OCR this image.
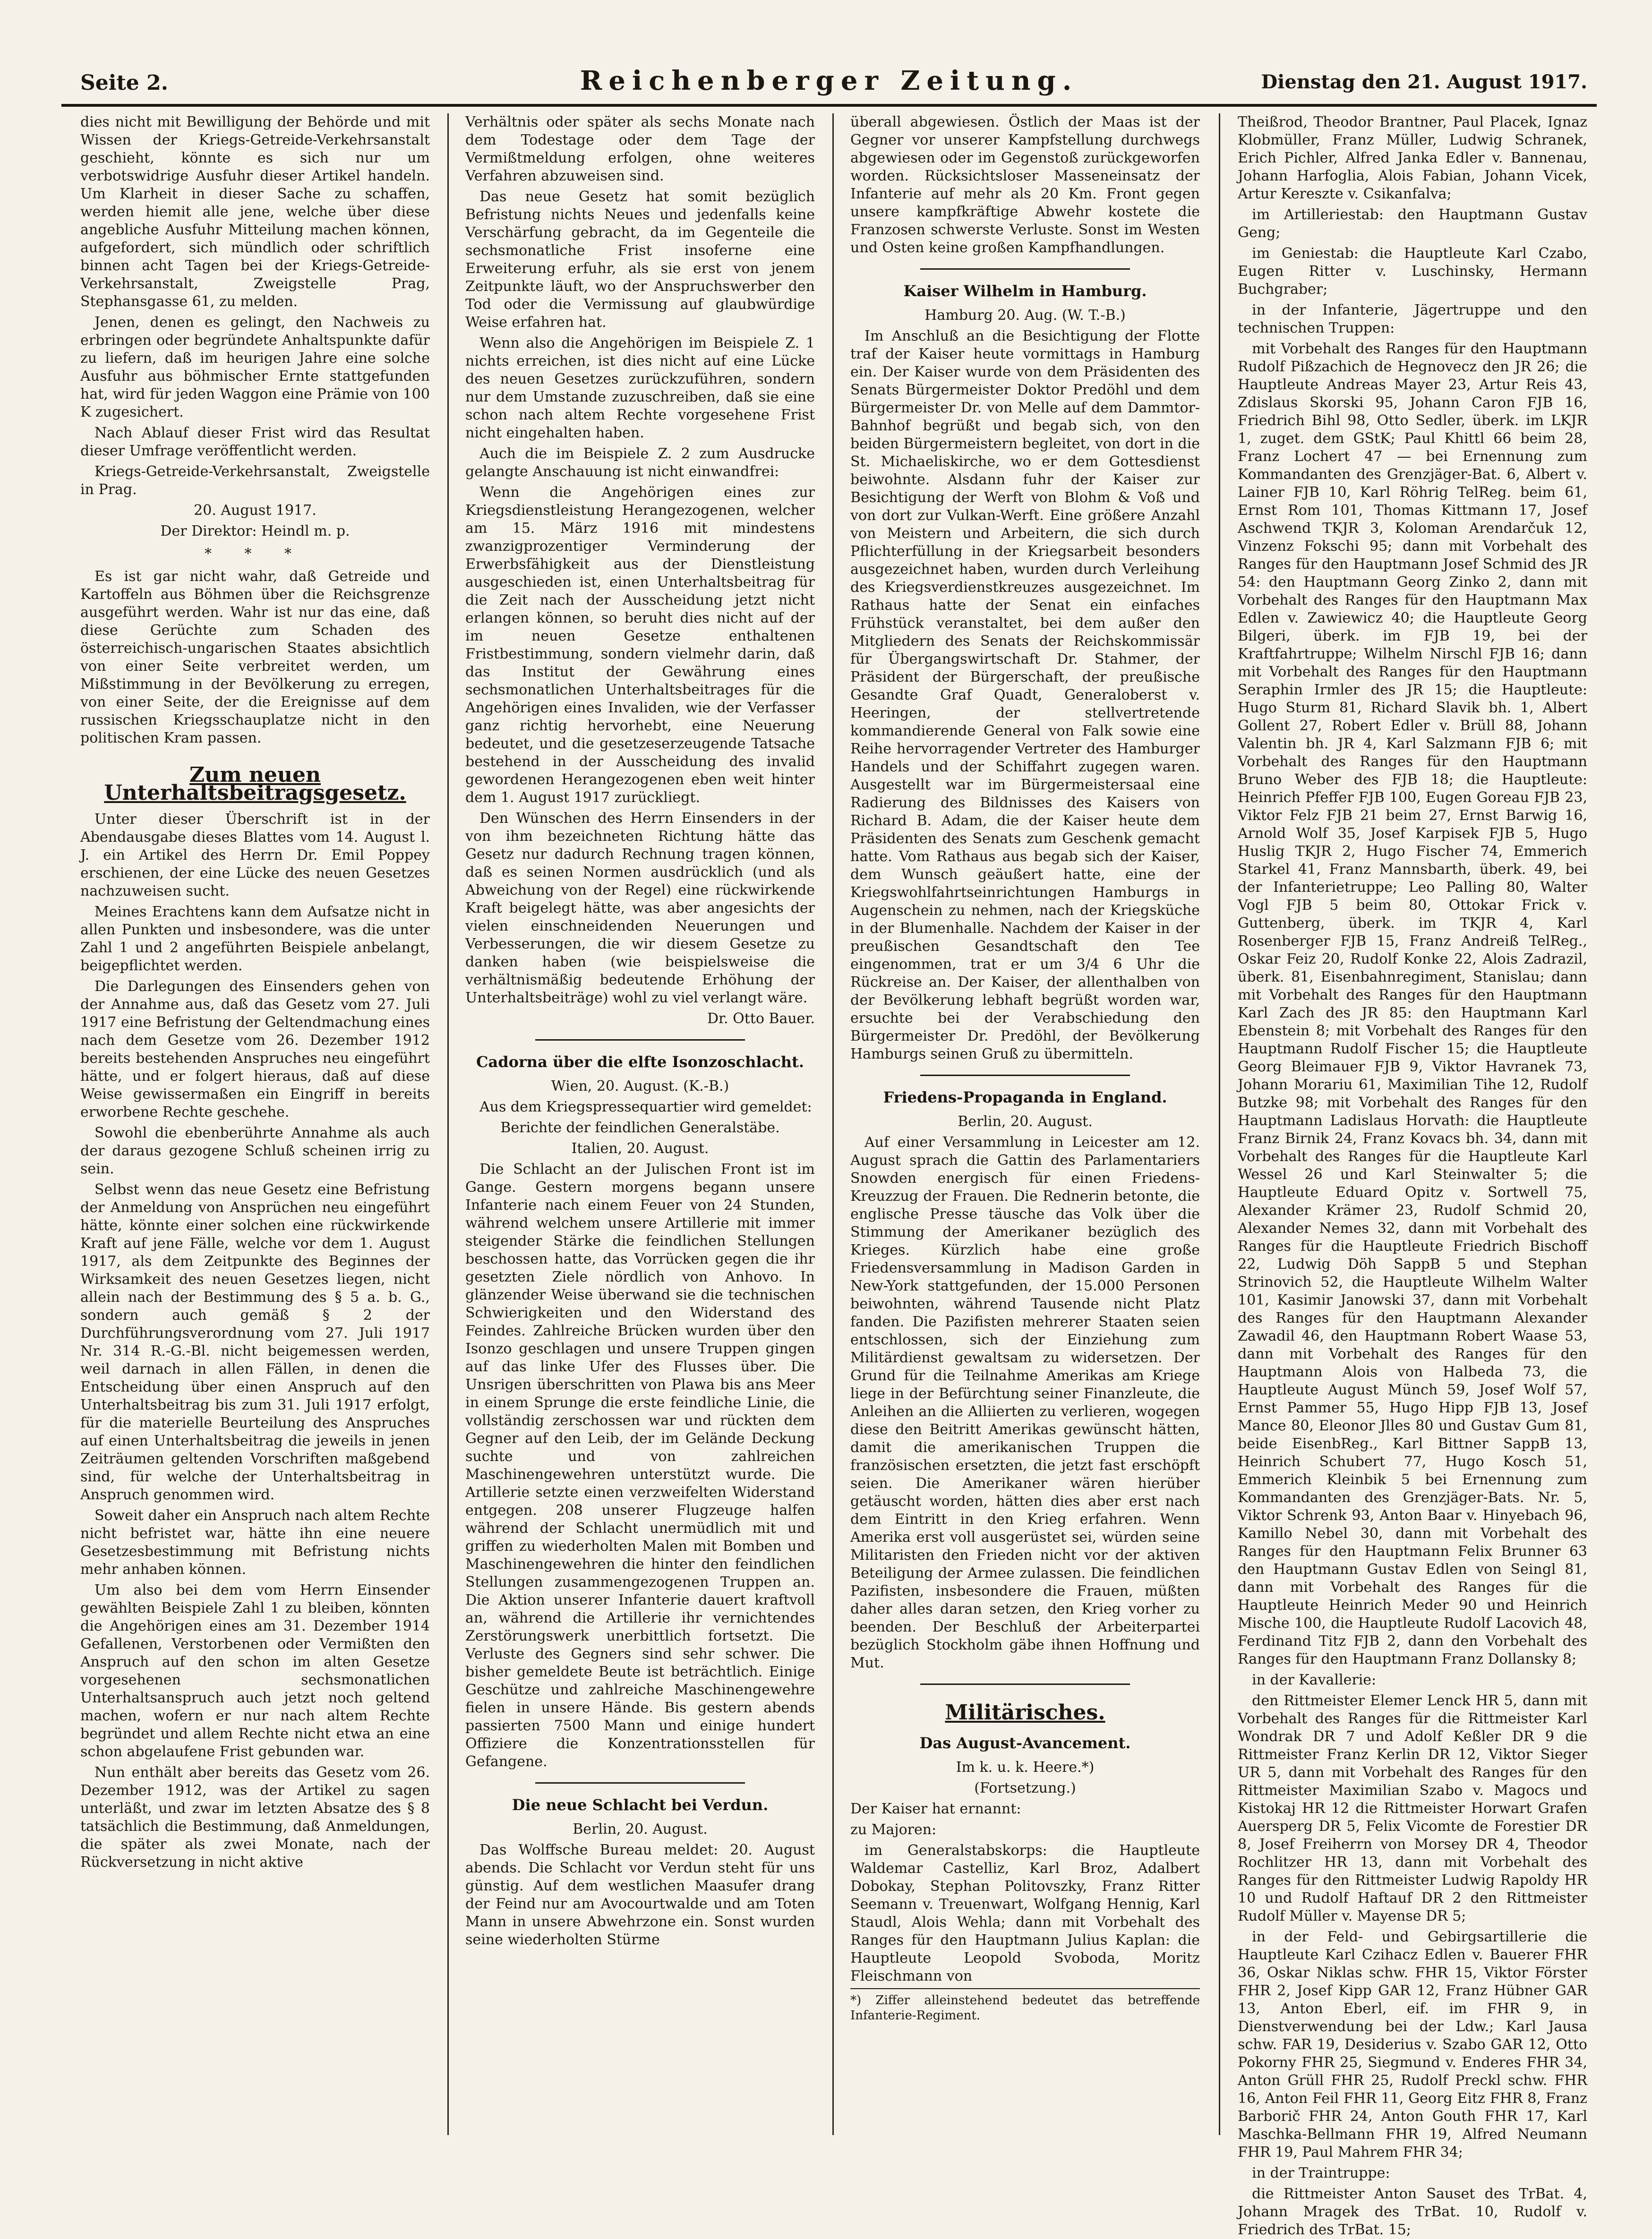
Seite 2.	Reichenberger Zeitung.	Dienstag den 21. August 1917.

dies nicht mit Bewilligung der Behörde und mit Wissen der Kriegs-Getreide-Verkehrsanstalt geschieht, könnte es sich nur um verbotswidrige Ausfuhr dieser Artikel handeln. Um Klarheit in dieser Sache zu schaffen, werden hiemit alle jene, welche über diese angebliche Ausfuhr Mitteilung machen können, aufgefordert, sich mündlich oder schriftlich binnen acht Tagen bei der Kriegs-Getreide-Verkehrsanstalt, Zweigstelle Prag, Stephansgasse 61, zu melden.

Jenen, denen es gelingt, den Nachweis zu erbringen oder begründete Anhaltspunkte dafür zu liefern, daß im heurigen Jahre eine solche Ausfuhr aus böhmischer Ernte stattgefunden hat, wird für jeden Waggon eine Prämie von 100 K zugesichert.

Nach Ablauf dieser Frist wird das Resultat dieser Umfrage veröffentlicht werden.

Kriegs-Getreide-Verkehrsanstalt, Zweigstelle in Prag.

20. August 1917.

Der Direktor: Heindl m. p.

* * *

Es ist gar nicht wahr, daß Getreide und Kartoffeln aus Böhmen über die Reichsgrenze ausgeführt werden. Wahr ist nur das eine, daß diese Gerüchte zum Schaden des österreichisch-ungarischen Staates absichtlich von einer Seite verbreitet werden, um Mißstimmung in der Bevölkerung zu erregen, von einer Seite, der die Ereignisse auf dem russischen Kriegsschauplatze nicht in den politischen Kram passen.

Zum neuen Unterhaltsbeitragsgesetz.

Unter dieser Überschrift ist in der Abendausgabe dieses Blattes vom 14. August l. J. ein Artikel des Herrn Dr. Emil Poppey erschienen, der eine Lücke des neuen Gesetzes nachzuweisen sucht.

Meines Erachtens kann dem Aufsatze nicht in allen Punkten und insbesondere, was die unter Zahl 1 und 2 angeführten Beispiele anbelangt, beigepflichtet werden.

Die Darlegungen des Einsenders gehen von der Annahme aus, daß das Gesetz vom 27. Juli 1917 eine Befristung der Geltendmachung eines nach dem Gesetze vom 26. Dezember 1912 bereits bestehenden Anspruches neu eingeführt hätte, und er folgert hieraus, daß auf diese Weise gewissermaßen ein Eingriff in bereits erworbene Rechte geschehe.

Sowohl die ebenberührte Annahme als auch der daraus gezogene Schluß scheinen irrig zu sein.

Selbst wenn das neue Gesetz eine Befristung der Anmeldung von Ansprüchen neu eingeführt hätte, könnte einer solchen eine rückwirkende Kraft auf jene Fälle, welche vor dem 1. August 1917, als dem Zeitpunkte des Beginnes der Wirksamkeit des neuen Gesetzes liegen, nicht allein nach der Bestimmung des § 5 a. b. G., sondern auch gemäß § 2 der Durchführungsverordnung vom 27. Juli 1917 Nr. 314 R.-G.-Bl. nicht beigemessen werden, weil darnach in allen Fällen, in denen die Entscheidung über einen Anspruch auf den Unterhaltsbeitrag bis zum 31. Juli 1917 erfolgt, für die materielle Beurteilung des Anspruches auf einen Unterhaltsbeitrag die jeweils in jenen Zeiträumen geltenden Vorschriften maßgebend sind, für welche der Unterhaltsbeitrag in Anspruch genommen wird.

Soweit daher ein Anspruch nach altem Rechte nicht befristet war, hätte ihn eine neuere Gesetzesbestimmung mit Befristung nichts mehr anhaben können.

Um also bei dem vom Herrn Einsender gewählten Beispiele Zahl 1 zu bleiben, könnten die Angehörigen eines am 31. Dezember 1914 Gefallenen, Verstorbenen oder Vermißten den Anspruch auf den schon im alten Gesetze vorgesehenen sechsmonatlichen Unterhaltsanspruch auch jetzt noch geltend machen, wofern er nur nach altem Rechte begründet und allem Rechte nicht etwa an eine schon abgelaufene Frist gebunden war.

Nun enthält aber bereits das Gesetz vom 26. Dezember 1912, was der Artikel zu sagen unterläßt, und zwar im letzten Absatze des § 8 tatsächlich die Bestimmung, daß Anmeldungen, die später als zwei Monate, nach der Rückversetzung in nicht aktive

Verhältnis oder später als sechs Monate nach dem Todestage oder dem Tage der Vermißtmeldung erfolgen, ohne weiteres Verfahren abzuweisen sind.

Das neue Gesetz hat somit bezüglich Befristung nichts Neues und jedenfalls keine Verschärfung gebracht, da im Gegenteile die sechsmonatliche Frist insoferne eine Erweiterung erfuhr, als sie erst von jenem Zeitpunkte läuft, wo der Anspruchswerber den Tod oder die Vermissung auf glaubwürdige Weise erfahren hat.

Wenn also die Angehörigen im Beispiele Z. 1 nichts erreichen, ist dies nicht auf eine Lücke des neuen Gesetzes zurückzuführen, sondern nur dem Umstande zuzuschreiben, daß sie eine schon nach altem Rechte vorgesehene Frist nicht eingehalten haben.

Auch die im Beispiele Z. 2 zum Ausdrucke gelangte Anschauung ist nicht einwandfrei:

Wenn die Angehörigen eines zur Kriegsdienstleistung Herangezogenen, welcher am 15. März 1916 mit mindestens zwanzigprozentiger Verminderung der Erwerbsfähigkeit aus der Dienstleistung ausgeschieden ist, einen Unterhaltsbeitrag für die Zeit nach der Ausscheidung jetzt nicht erlangen können, so beruht dies nicht auf der im neuen Gesetze enthaltenen Fristbestimmung, sondern vielmehr darin, daß das Institut der Gewährung eines sechsmonatlichen Unterhaltsbeitrages für die Angehörigen eines Invaliden, wie der Verfasser ganz richtig hervorhebt, eine Neuerung bedeutet, und die gesetzeserzeugende Tatsache bestehend in der Ausscheidung des invalid gewordenen Herangezogenen eben weit hinter dem 1. August 1917 zurückliegt.

Den Wünschen des Herrn Einsenders in der von ihm bezeichneten Richtung hätte das Gesetz nur dadurch Rechnung tragen können, daß es seinen Normen ausdrücklich (und als Abweichung von der Regel) eine rückwirkende Kraft beigelegt hätte, was aber angesichts der vielen einschneidenden Neuerungen und Verbesserungen, die wir diesem Gesetze zu danken haben (wie beispielsweise die verhältnismäßig bedeutende Erhöhung der Unterhaltsbeiträge) wohl zu viel verlangt wäre.

Dr. Otto Bauer.

Cadorna über die elfte Isonzoschlacht.

Wien, 20. August. (K.-B.)

Aus dem Kriegspressequartier wird gemeldet:

Berichte der feindlichen Generalstäbe.

Italien, 20. August.

Die Schlacht an der Julischen Front ist im Gange. Gestern morgens begann unsere Infanterie nach einem Feuer von 24 Stunden, während welchem unsere Artillerie mit immer steigender Stärke die feindlichen Stellungen beschossen hatte, das Vorrücken gegen die ihr gesetzten Ziele nördlich von Anhovo. In glänzender Weise überwand sie die technischen Schwierigkeiten und den Widerstand des Feindes. Zahlreiche Brücken wurden über den Isonzo geschlagen und unsere Truppen gingen auf das linke Ufer des Flusses über. Die Unsrigen überschritten von Plawa bis ans Meer in einem Sprunge die erste feindliche Linie, die vollständig zerschossen war und rückten dem Gegner auf den Leib, der im Gelände Deckung suchte und von zahlreichen Maschinengewehren unterstützt wurde. Die Artillerie setzte einen verzweifelten Widerstand entgegen. 208 unserer Flugzeuge halfen während der Schlacht unermüdlich mit und griffen zu wiederholten Malen mit Bomben und Maschinengewehren die hinter den feindlichen Stellungen zusammengezogenen Truppen an. Die Aktion unserer Infanterie dauert kraftvoll an, während die Artillerie ihr vernichtendes Zerstörungswerk unerbittlich fortsetzt. Die Verluste des Gegners sind sehr schwer. Die bisher gemeldete Beute ist beträchtlich. Einige Geschütze und zahlreiche Maschinengewehre fielen in unsere Hände. Bis gestern abends passierten 7500 Mann und einige hundert Offiziere die Konzentrationsstellen für Gefangene.

Die neue Schlacht bei Verdun.

Berlin, 20. August.

Das Wolffsche Bureau meldet: 20. August abends. Die Schlacht vor Verdun steht für uns günstig. Auf dem westlichen Maasufer drang der Feind nur am Avocourtwalde und am Toten Mann in unsere Abwehrzone ein. Sonst wurden seine wiederholten Stürme

überall abgewiesen. Östlich der Maas ist der Gegner vor unserer Kampfstellung durchwegs abgewiesen oder im Gegenstoß zurückgeworfen worden. Rücksichtsloser Masseneinsatz der Infanterie auf mehr als 20 Km. Front gegen unsere kampfkräftige Abwehr kostete die Franzosen schwerste Verluste. Sonst im Westen und Osten keine großen Kampfhandlungen.

Kaiser Wilhelm in Hamburg.

Hamburg 20. Aug. (W. T.-B.)

Im Anschluß an die Besichtigung der Flotte traf der Kaiser heute vormittags in Hamburg ein. Der Kaiser wurde von dem Präsidenten des Senats Bürgermeister Doktor Predöhl und dem Bürgermeister Dr. von Melle auf dem Dammtor-Bahnhof begrüßt und begab sich, von den beiden Bürgermeistern begleitet, von dort in die St. Michaeliskirche, wo er dem Gottesdienst beiwohnte. Alsdann fuhr der Kaiser zur Besichtigung der Werft von Blohm & Voß und von dort zur Vulkan-Werft. Eine größere Anzahl von Meistern und Arbeitern, die sich durch Pflichterfüllung in der Kriegsarbeit besonders ausgezeichnet haben, wurden durch Verleihung des Kriegsverdienstkreuzes ausgezeichnet. Im Rathaus hatte der Senat ein einfaches Frühstück veranstaltet, bei dem außer den Mitgliedern des Senats der Reichskommissär für Übergangswirtschaft Dr. Stahmer, der Präsident der Bürgerschaft, der preußische Gesandte Graf Quadt, Generaloberst v. Heeringen, der stellvertretende kommandierende General von Falk sowie eine Reihe hervorragender Vertreter des Hamburger Handels und der Schiffahrt zugegen waren. Ausgestellt war im Bürgermeistersaal eine Radierung des Bildnisses des Kaisers von Richard B. Adam, die der Kaiser heute dem Präsidenten des Senats zum Geschenk gemacht hatte. Vom Rathaus aus begab sich der Kaiser, dem Wunsch geäußert hatte, eine der Kriegswohlfahrtseinrichtungen Hamburgs in Augenschein zu nehmen, nach der Kriegsküche in der Blumenhalle. Nachdem der Kaiser in der preußischen Gesandtschaft den Tee eingenommen, trat er um 3/4 6 Uhr die Rückreise an. Der Kaiser, der allenthalben von der Bevölkerung lebhaft begrüßt worden war, ersuchte bei der Verabschiedung den Bürgermeister Dr. Predöhl, der Bevölkerung Hamburgs seinen Gruß zu übermitteln.

Friedens-Propaganda in England.

Berlin, 20. August.

Auf einer Versammlung in Leicester am 12. August sprach die Gattin des Parlamentariers Snowden energisch für einen Friedens-Kreuzzug der Frauen. Die Rednerin betonte, die englische Presse täusche das Volk über die Stimmung der Amerikaner bezüglich des Krieges. Kürzlich habe eine große Friedensversammlung in Madison Garden in New-York stattgefunden, der 15.000 Personen beiwohnten, während Tausende nicht Platz fanden. Die Pazifisten mehrerer Staaten seien entschlossen, sich der Einziehung zum Militärdienst gewaltsam zu widersetzen. Der Grund für die Teilnahme Amerikas am Kriege liege in der Befürchtung seiner Finanzleute, die Anleihen an die Alliierten zu verlieren, wogegen diese den Beitritt Amerikas gewünscht hätten, damit die amerikanischen Truppen die französischen ersetzten, die jetzt fast erschöpft seien. Die Amerikaner wären hierüber getäuscht worden, hätten dies aber erst nach dem Eintritt in den Krieg erfahren. Wenn Amerika erst voll ausgerüstet sei, würden seine Militaristen den Frieden nicht vor der aktiven Beteiligung der Armee zulassen. Die feindlichen Pazifisten, insbesondere die Frauen, müßten daher alles daran setzen, den Krieg vorher zu beenden. Der Beschluß der Arbeiterpartei bezüglich Stockholm gäbe ihnen Hoffnung und Mut.

Militärisches.
Das August-Avancement.

Im k. u. k. Heere.*)

(Fortsetzung.)

Der Kaiser hat ernannt:

zu Majoren:

im Generalstabskorps: die Hauptleute Waldemar Castelliz, Karl Broz, Adalbert Dobokay, Stephan Politovszky, Franz Ritter Seemann v. Treuenwart, Wolfgang Hennig, Karl Staudl, Alois Wehla; dann mit Vorbehalt des Ranges für den Hauptmann Julius Kaplan: die Hauptleute Leopold Svoboda, Moritz Fleischmann von

*) Ziffer alleinstehend bedeutet das betreffende Infanterie-Regiment.

Theißrod, Theodor Brantner, Paul Placek, Ignaz Klobmüller, Franz Müller, Ludwig Schranek, Erich Pichler, Alfred Janka Edler v. Bannenau, Johann Harfoglia, Alois Fabian, Johann Vicek, Artur Kereszte v. Csikanfalva;

im Artilleriestab: den Hauptmann Gustav Geng;

im Geniestab: die Hauptleute Karl Czabo, Eugen Ritter v. Luschinsky, Hermann Buchgraber;

in der Infanterie, Jägertruppe und den technischen Truppen:

mit Vorbehalt des Ranges für den Hauptmann Rudolf Pißzachich de Hegnovecz den JR 26; die Hauptleute Andreas Mayer 23, Artur Reis 43, Zdislaus Skorski 95, Johann Caron FJB 16, Friedrich Bihl 98, Otto Sedler, überk. im LKJR 1, zuget. dem GStK; Paul Khittl 66 beim 28, Franz Lochert 47 — bei Ernennung zum Kommandanten des Grenzjäger-Bat. 6, Albert v. Lainer FJB 10, Karl Röhrig TelReg. beim 61, Ernst Rom 101, Thomas Kittmann 17, Josef Aschwend TKJR 3, Koloman Arendarčuk 12, Vinzenz Fokschi 95; dann mit Vorbehalt des Ranges für den Hauptmann Josef Schmid des JR 54: den Hauptmann Georg Zinko 2, dann mit Vorbehalt des Ranges für den Hauptmann Max Edlen v. Zawiewicz 40; die Hauptleute Georg Bilgeri, überk. im FJB 19, bei der Kraftfahrtruppe; Wilhelm Nirschl FJB 16; dann mit Vorbehalt des Ranges für den Hauptmann Seraphin Irmler des JR 15; die Hauptleute: Hugo Sturm 81, Richard Slavik bh. 1, Albert Gollent 27, Robert Edler v. Brüll 88, Johann Valentin bh. JR 4, Karl Salzmann FJB 6; mit Vorbehalt des Ranges für den Hauptmann Bruno Weber des FJB 18; die Hauptleute: Heinrich Pfeffer FJB 100, Eugen Goreau FJB 23, Viktor Felz FJB 21 beim 27, Ernst Barwig 16, Arnold Wolf 35, Josef Karpisek FJB 5, Hugo Huslig TKJR 2, Hugo Fischer 74, Emmerich Starkel 41, Franz Mannsbarth, überk. 49, bei der Infanterietruppe; Leo Palling 80, Walter Vogl FJB 5 beim 80, Ottokar Frick v. Guttenberg, überk. im TKJR 4, Karl Rosenberger FJB 15, Franz Andreiß TelReg., Oskar Feiz 20, Rudolf Konke 22, Alois Zadrazil, überk. 81, Eisenbahnregiment, Stanislau; dann mit Vorbehalt des Ranges für den Hauptmann Karl Zach des JR 85: den Hauptmann Karl Ebenstein 8; mit Vorbehalt des Ranges für den Hauptmann Rudolf Fischer 15; die Hauptleute Georg Bleimauer FJB 9, Viktor Havranek 73, Johann Morariu 61, Maximilian Tihe 12, Rudolf Butzke 98; mit Vorbehalt des Ranges für den Hauptmann Ladislaus Horvath: die Hauptleute Franz Birnik 24, Franz Kovacs bh. 34, dann mit Vorbehalt des Ranges für die Hauptleute Karl Wessel 26 und Karl Steinwalter 5; die Hauptleute Eduard Opitz v. Sortwell 75, Alexander Krämer 23, Rudolf Schmid 20, Alexander Nemes 32, dann mit Vorbehalt des Ranges für die Hauptleute Friedrich Bischoff 22, Ludwig Döh SappB 5 und Stephan Strinovich 52, die Hauptleute Wilhelm Walter 101, Kasimir Janowski 37, dann mit Vorbehalt des Ranges für den Hauptmann Alexander Zawadil 46, den Hauptmann Robert Waase 53, dann mit Vorbehalt des Ranges für den Hauptmann Alois von Halbeda 73, die Hauptleute August Münch 59, Josef Wolf 57, Ernst Pammer 55, Hugo Hipp FJB 13, Josef Mance 80, Eleonor Jlles 80 und Gustav Gum 81, beide EisenbReg., Karl Bittner SappB 13, Heinrich Schubert 77, Hugo Kosch 51, Emmerich Kleinbik 5 bei Ernennung zum Kommandanten des Grenzjäger-Bats. Nr. 5, Viktor Schrenk 93, Anton Baar v. Hinyebach 96, Kamillo Nebel 30, dann mit Vorbehalt des Ranges für den Hauptmann Felix Brunner 63 den Hauptmann Gustav Edlen von Seingl 81, dann mit Vorbehalt des Ranges für die Hauptleute Heinrich Meder 90 und Heinrich Mische 100, die Hauptleute Rudolf Lacovich 48, Ferdinand Titz FJB 2, dann den Vorbehalt des Ranges für den Hauptmann Franz Dollansky 8;

in der Kavallerie:

den Rittmeister Elemer Lenck HR 5, dann mit Vorbehalt des Ranges für die Rittmeister Karl Wondrak DR 7 und Adolf Keßler DR 9 die Rittmeister Franz Kerlin DR 12, Viktor Sieger UR 5, dann mit Vorbehalt des Ranges für den Rittmeister Maximilian Szabo v. Magocs und Kistokaj HR 12 die Rittmeister Horwart Grafen Auersperg DR 5, Felix Vicomte de Forestier DR 8, Josef Freiherrn von Morsey DR 4, Theodor Rochlitzer HR 13, dann mit Vorbehalt des Ranges für den Rittmeister Ludwig Rapoldy HR 10 und Rudolf Haftauf DR 2 den Rittmeister Rudolf Müller v. Mayense DR 5;

in der Feld- und Gebirgsartillerie die Hauptleute Karl Czihacz Edlen v. Bauerer FHR 36, Oskar Niklas schw. FHR 15, Viktor Förster FHR 2, Josef Kipp GAR 12, Franz Hübner GAR 13, Anton Eberl, eif. im FHR 9, in Dienstverwendung bei der Ldw.; Karl Jausa schw. FAR 19, Desiderius v. Szabo GAR 12, Otto Pokorny FHR 25, Siegmund v. Enderes FHR 34, Anton Grüll FHR 25, Rudolf Preckl schw. FHR 16, Anton Feil FHR 11, Georg Eitz FHR 8, Franz Barborič FHR 24, Anton Gouth FHR 17, Karl Maschka-Bellmann FHR 19, Alfred Neumann FHR 19, Paul Mahrem FHR 34;

in der Traintruppe:

die Rittmeister Anton Sauset des TrBat. 4, Johann Mragek des TrBat. 10, Rudolf v. Friedrich des TrBat. 15;
